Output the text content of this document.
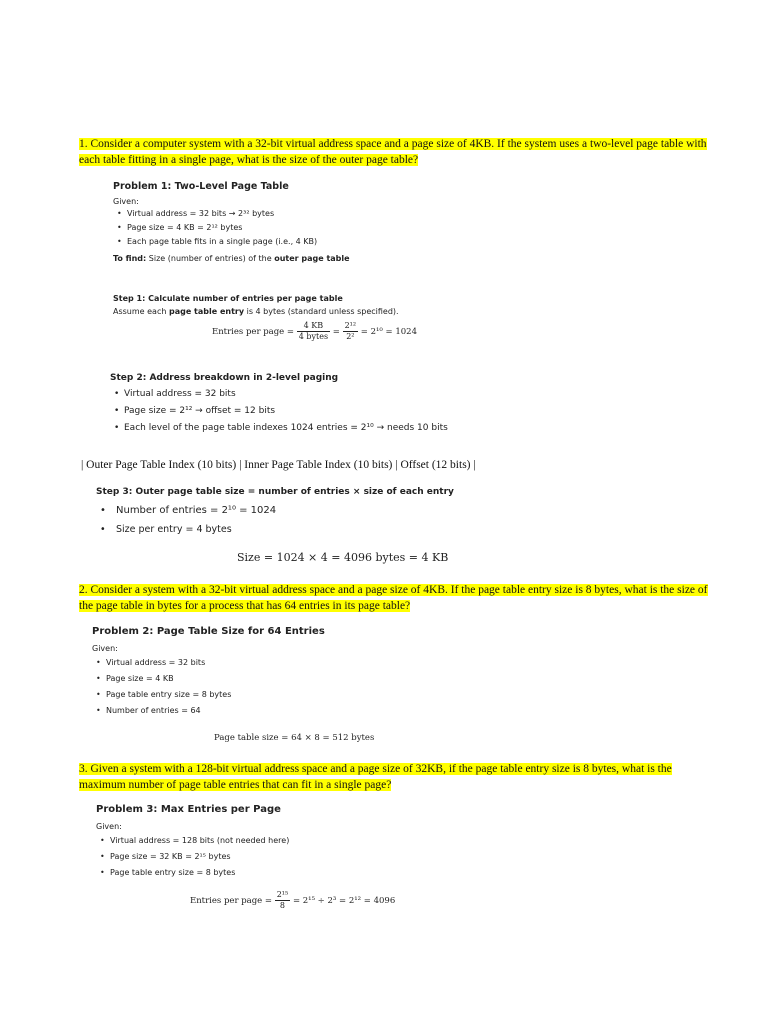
1. Consider a computer system with a 32-bit virtual address space and a page size of 4KB. If the system uses a two-level page table with each table fitting in a single page, what is the size of the outer page table?
Problem 1: Two-Level Page Table
Given:
• Virtual address = 32 bits → 2³² bytes
• Page size = 4 KB = 2¹² bytes
• Each page table fits in a single page (i.e., 4 KB)
To find: Size (number of entries) of the outer page table
Step 1: Calculate number of entries per page table
Assume each page table entry is 4 bytes (standard unless specified).
Entries per page = $\frac{4 KB}{\text{4 bytes}} = \frac{\text{2¹²}}{\text{2²}} = 2^{10} = 1024$
Step 2: Address breakdown in 2-level paging
• Virtual address = 32 bits
• Page size = 2¹² → offset = 12 bits
• Each level of the page table indexes 1024 entries = 2¹⁰ → needs 10 bits
| Outer Page Table Index (10 bits) | Inner Page Table Index (10 bits) | Offset (12 bits) |
Step 3: Outer page table size = number of entries × size of each entry
• Number of entries = 2¹⁰ = 1024
• Size per entry = 4 bytes
Size = 1024 × 4 = 4096 bytes = 4 KB
2. Consider a system with a 32-bit virtual address space and a page size of 4KB. If the page table entry size is 8 bytes, what is the size of the page table in bytes for a process that has 64 entries in its page table?
Problem 2: Page Table Size for 64 Entries
Given:
• Virtual address = 32 bits
• Page size = 4 KB
• Page table entry size = 8 bytes
• Number of entries = 64
Page table size = 64 × 8 = 512 bytes
3. Given a system with a 128-bit virtual address space and a page size of 32KB, if the page table entry size is 8 bytes, what is the maximum number of page table entries that can fit in a single page?
Problem 3: Max Entries per Page
Given:
• Virtual address = 128 bits (not needed here)
• Page size = 32 KB = 2¹⁵ bytes
• Page table entry size = 8 bytes
Entries per page = $\frac{\text{2¹⁵}}{8} = 2^{15} \div 2^3 = 2^{12} = 4096$
